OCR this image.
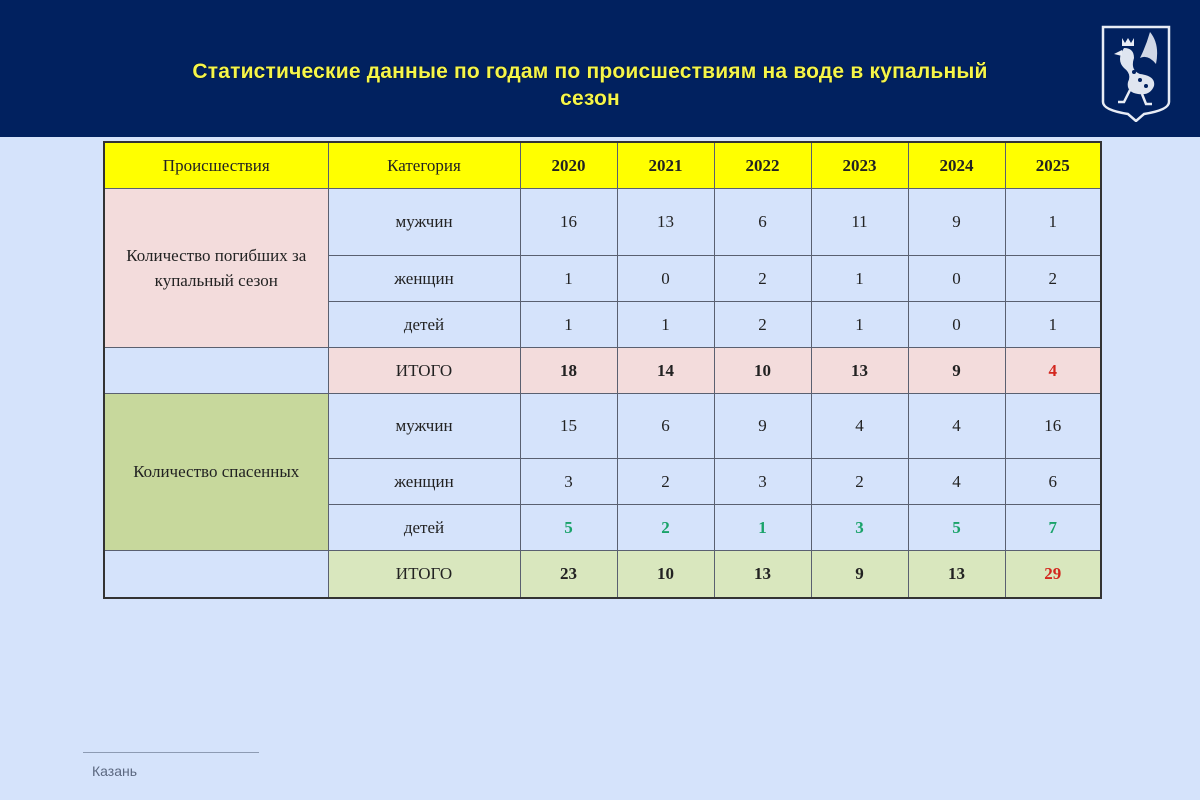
Статистические данные по годам по происшествиям на воде в купальный
сезон
Происшествия	Категория	2020	2021	2022	2023	2024	2025
Количество погибших за купальный сезон	мужчин	16	13	6	11	9	1
	женщин	1	0	2	1	0	2
	детей	1	1	2	1	0	1
	ИТОГО	18	14	10	13	9	4
Количество спасенных	мужчин	15	6	9	4	4	16
	женщин	3	2	3	2	4	6
	детей	5	2	1	3	5	7
	ИТОГО	23	10	13	9	13	29
Казань
